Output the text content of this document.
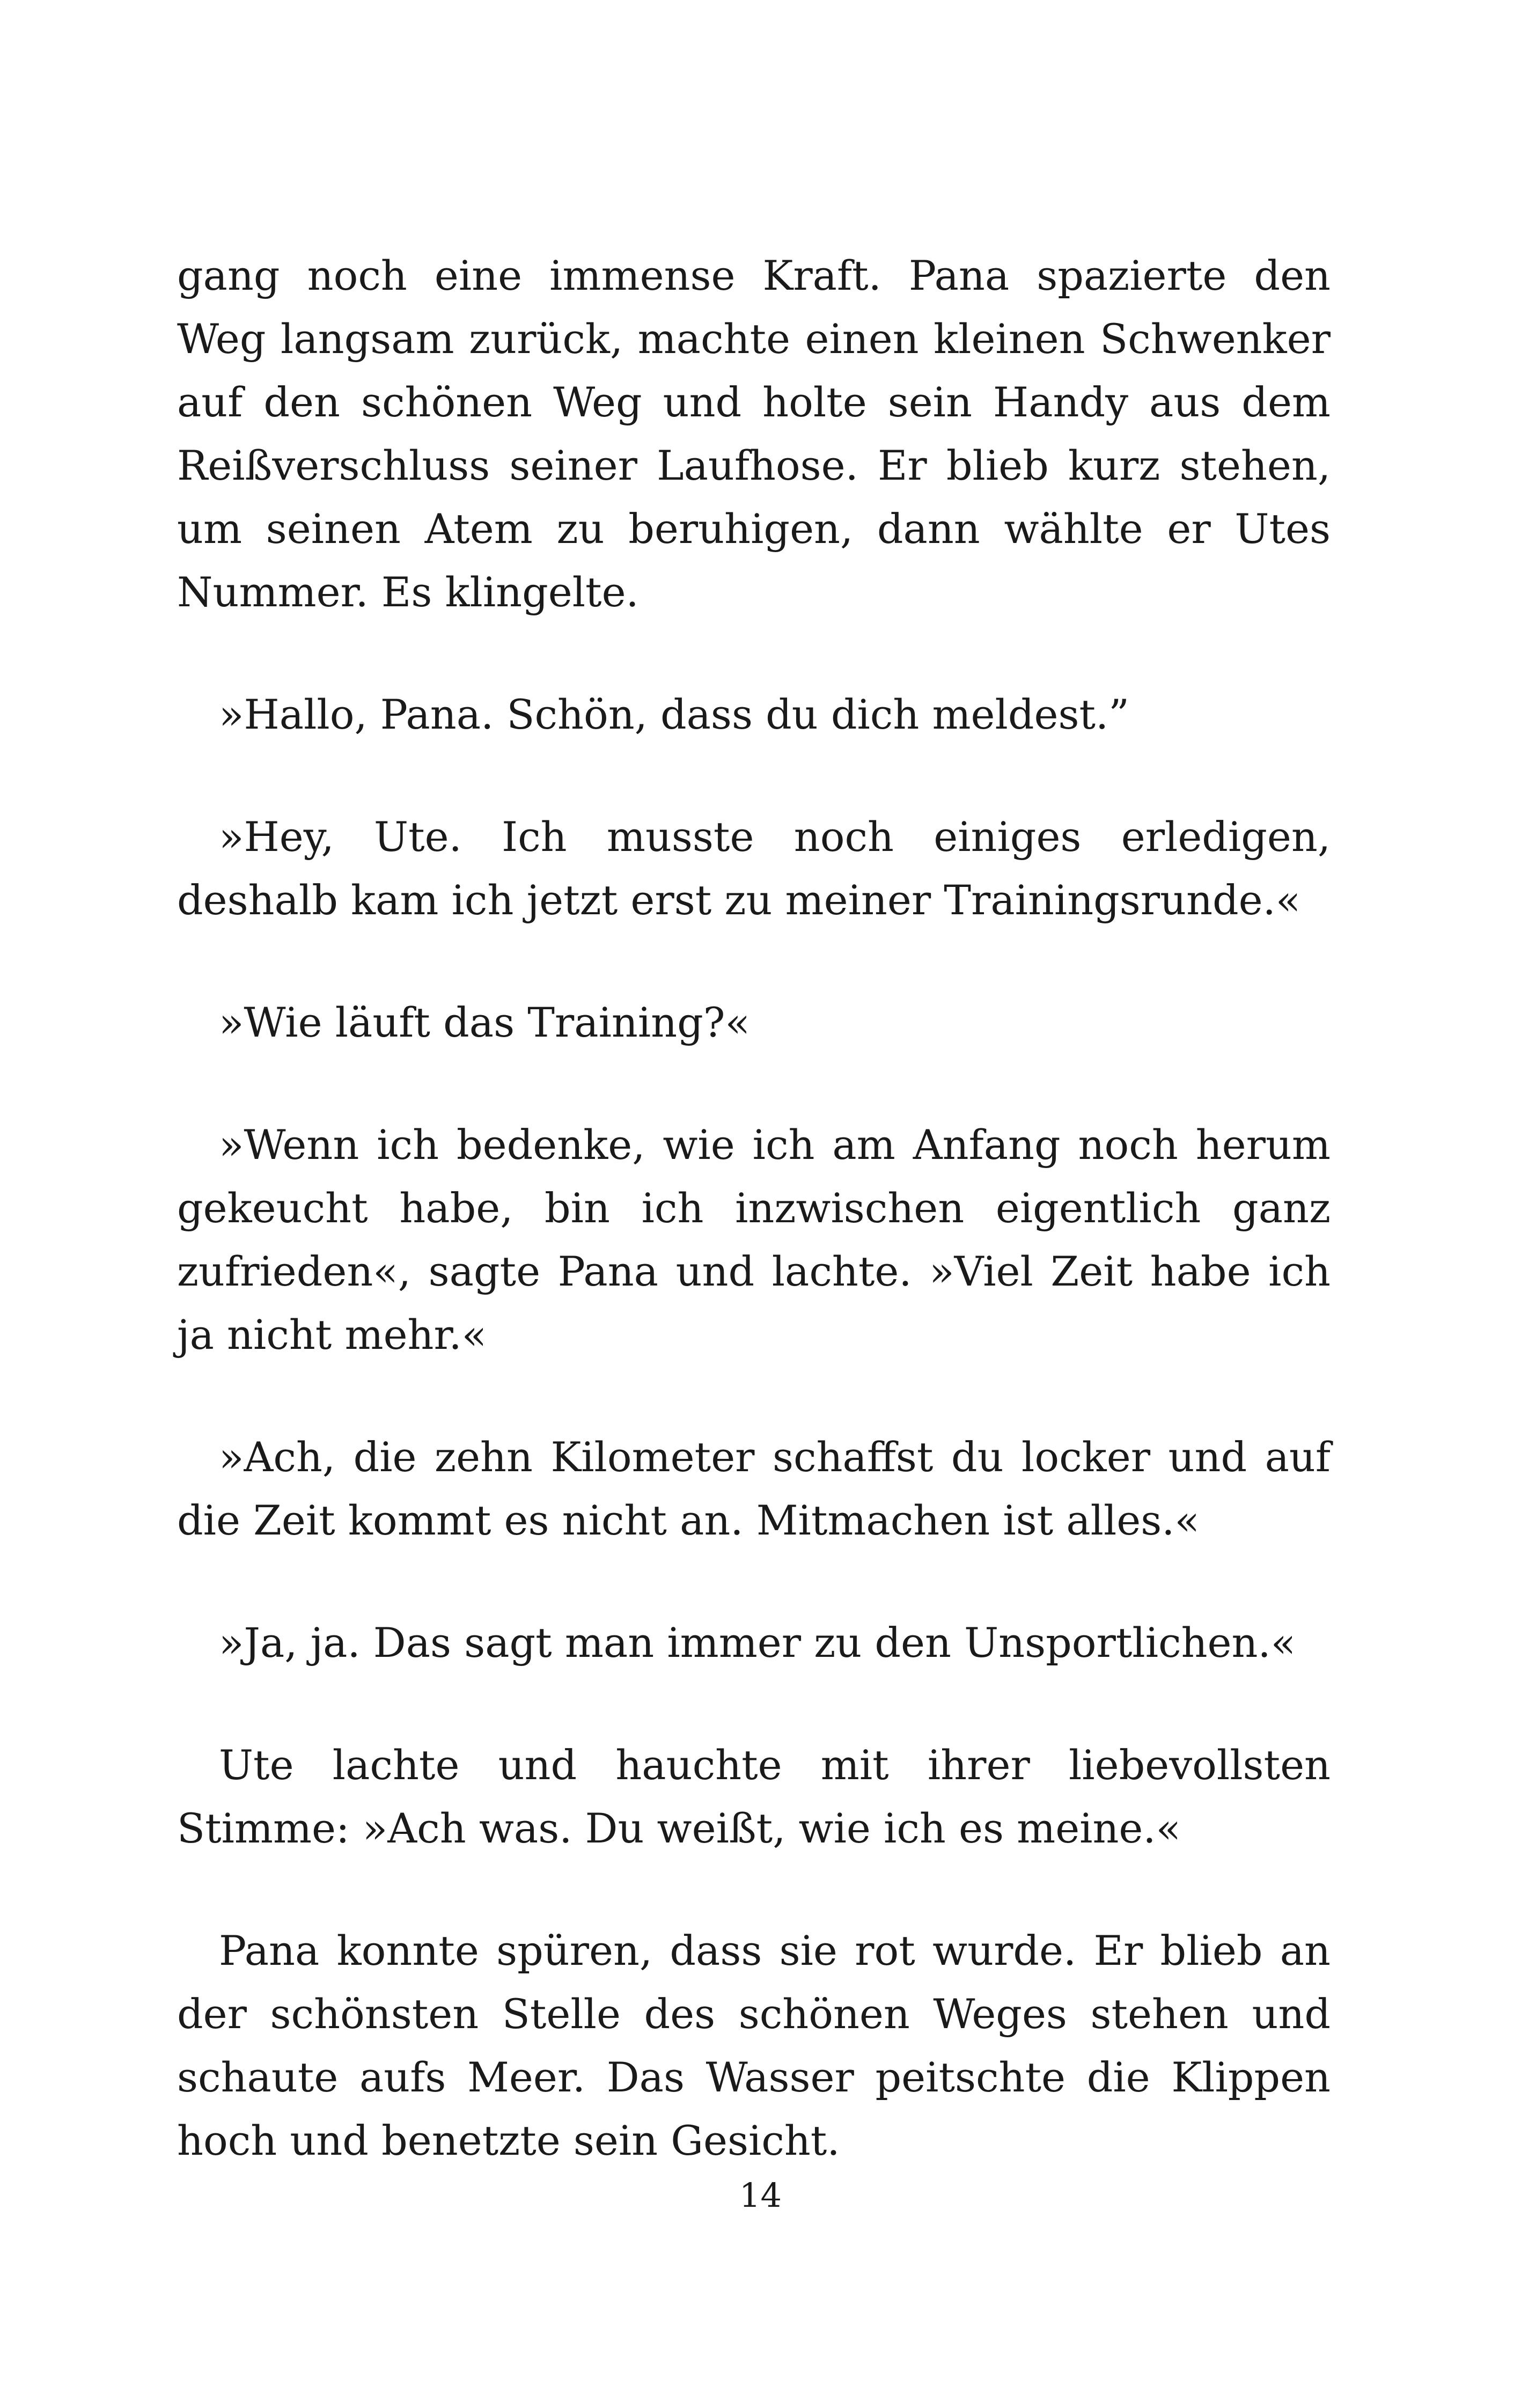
gang noch eine immense Kraft. Pana spazierte den Weg langsam zurück, machte einen kleinen Schwenker auf den schönen Weg und holte sein Handy aus dem Reißverschluss seiner Laufhose. Er blieb kurz stehen, um seinen Atem zu beruhigen, dann wählte er Utes Nummer. Es klingelte.

»Hallo, Pana. Schön, dass du dich meldest.”

»Hey, Ute. Ich musste noch einiges erledigen, deshalb kam ich jetzt erst zu meiner Trainingsrunde.«

»Wie läuft das Training?«

»Wenn ich bedenke, wie ich am Anfang noch herum gekeucht habe, bin ich inzwischen eigentlich ganz zufrieden«, sagte Pana und lachte. »Viel Zeit habe ich ja nicht mehr.«

»Ach, die zehn Kilometer schaffst du locker und auf die Zeit kommt es nicht an. Mitmachen ist alles.«

»Ja, ja. Das sagt man immer zu den Unsportlichen.«

Ute lachte und hauchte mit ihrer liebevollsten Stimme: »Ach was. Du weißt, wie ich es meine.«

Pana konnte spüren, dass sie rot wurde. Er blieb an der schönsten Stelle des schönen Weges stehen und schaute aufs Meer. Das Wasser peitschte die Klippen hoch und benetzte sein Gesicht.

14
